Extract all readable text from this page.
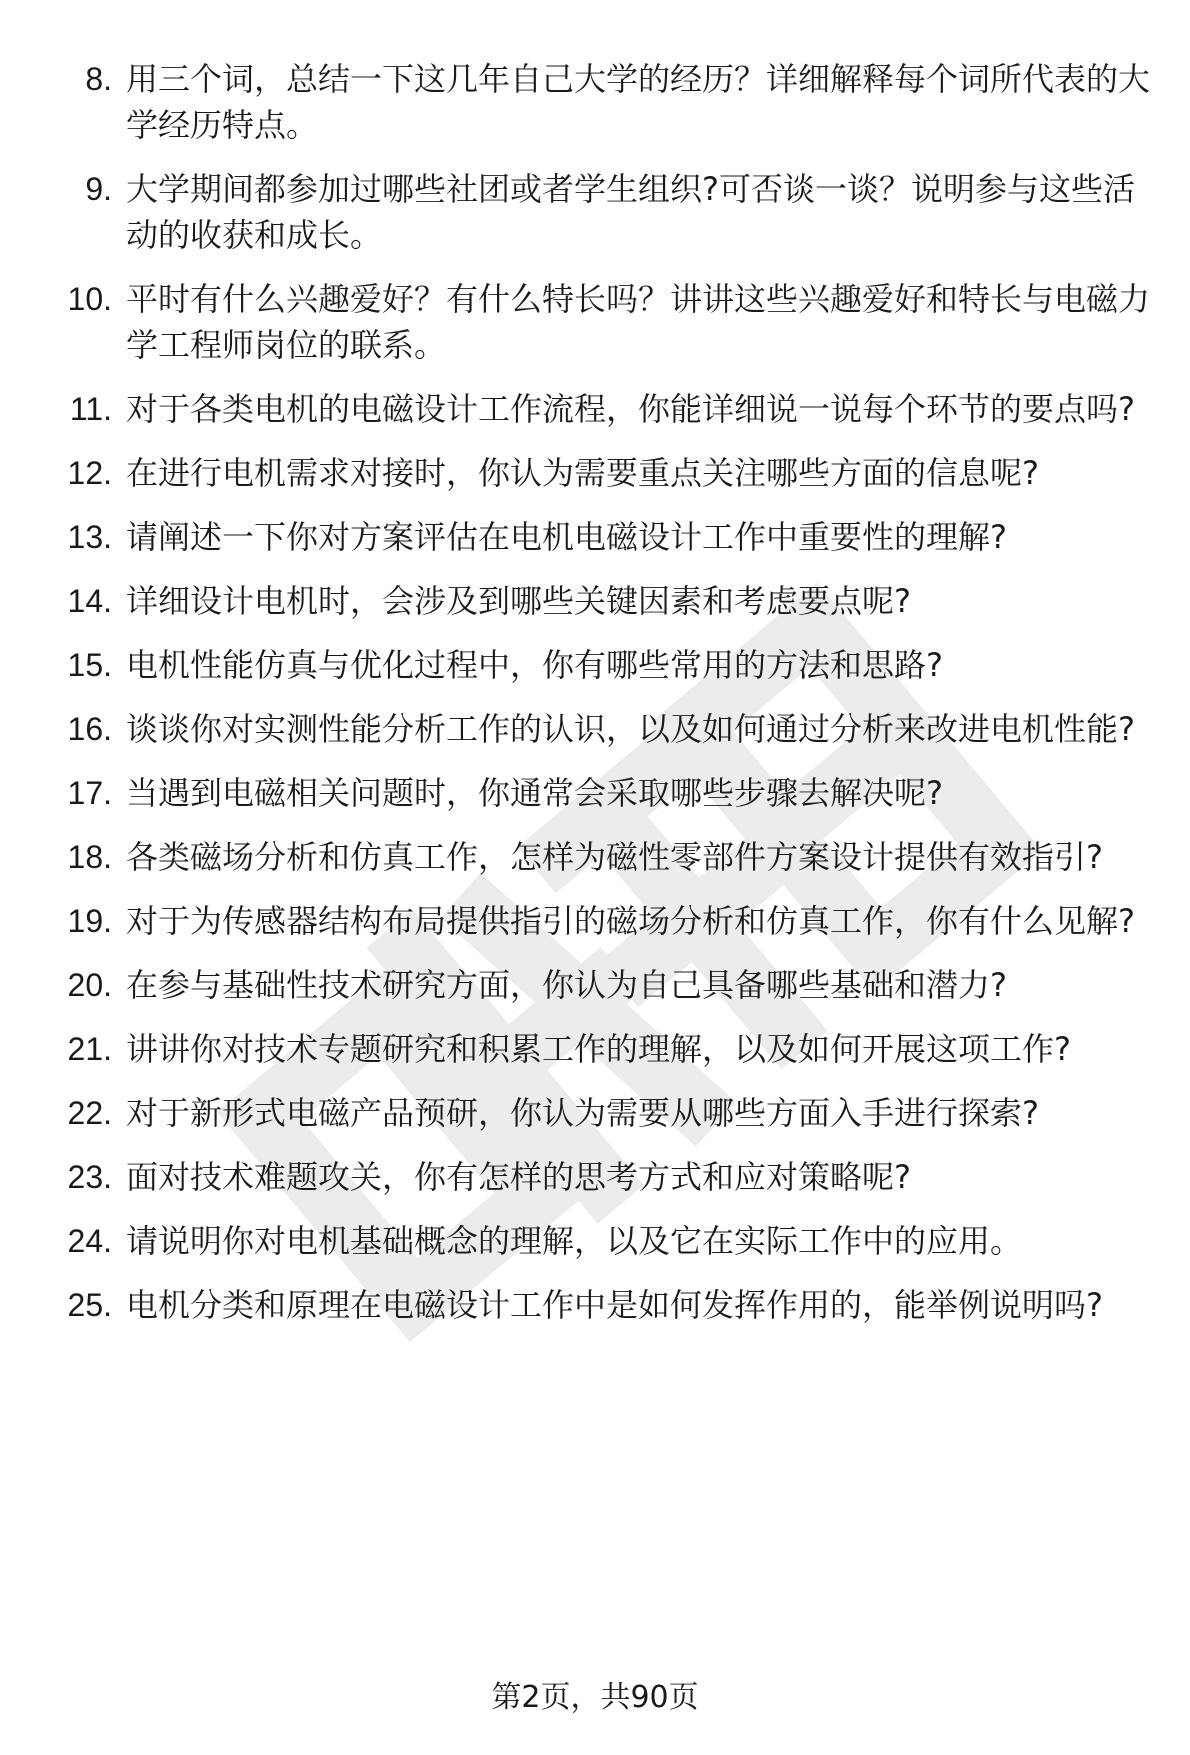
8. 用三个词，总结一下这几年自己大学的经历？详细解释每个词所代表的大学经历特点。
9. 大学期间都参加过哪些社团或者学生组织?可否谈一谈？说明参与这些活动的收获和成长。
10. 平时有什么兴趣爱好？有什么特长吗？讲讲这些兴趣爱好和特长与电磁力学工程师岗位的联系。
11. 对于各类电机的电磁设计工作流程，你能详细说一说每个环节的要点吗?
12. 在进行电机需求对接时，你认为需要重点关注哪些方面的信息呢?
13. 请阐述一下你对方案评估在电机电磁设计工作中重要性的理解?
14. 详细设计电机时，会涉及到哪些关键因素和考虑要点呢?
15. 电机性能仿真与优化过程中，你有哪些常用的方法和思路?
16. 谈谈你对实测性能分析工作的认识，以及如何通过分析来改进电机性能?
17. 当遇到电磁相关问题时，你通常会采取哪些步骤去解决呢?
18. 各类磁场分析和仿真工作，怎样为磁性零部件方案设计提供有效指引?
19. 对于为传感器结构布局提供指引的磁场分析和仿真工作，你有什么见解?
20. 在参与基础性技术研究方面，你认为自己具备哪些基础和潜力?
21. 讲讲你对技术专题研究和积累工作的理解，以及如何开展这项工作?
22. 对于新形式电磁产品预研，你认为需要从哪些方面入手进行探索?
23. 面对技术难题攻关，你有怎样的思考方式和应对策略呢?
24. 请说明你对电机基础概念的理解，以及它在实际工作中的应用。
25. 电机分类和原理在电磁设计工作中是如何发挥作用的，能举例说明吗?
第2页，共90页
